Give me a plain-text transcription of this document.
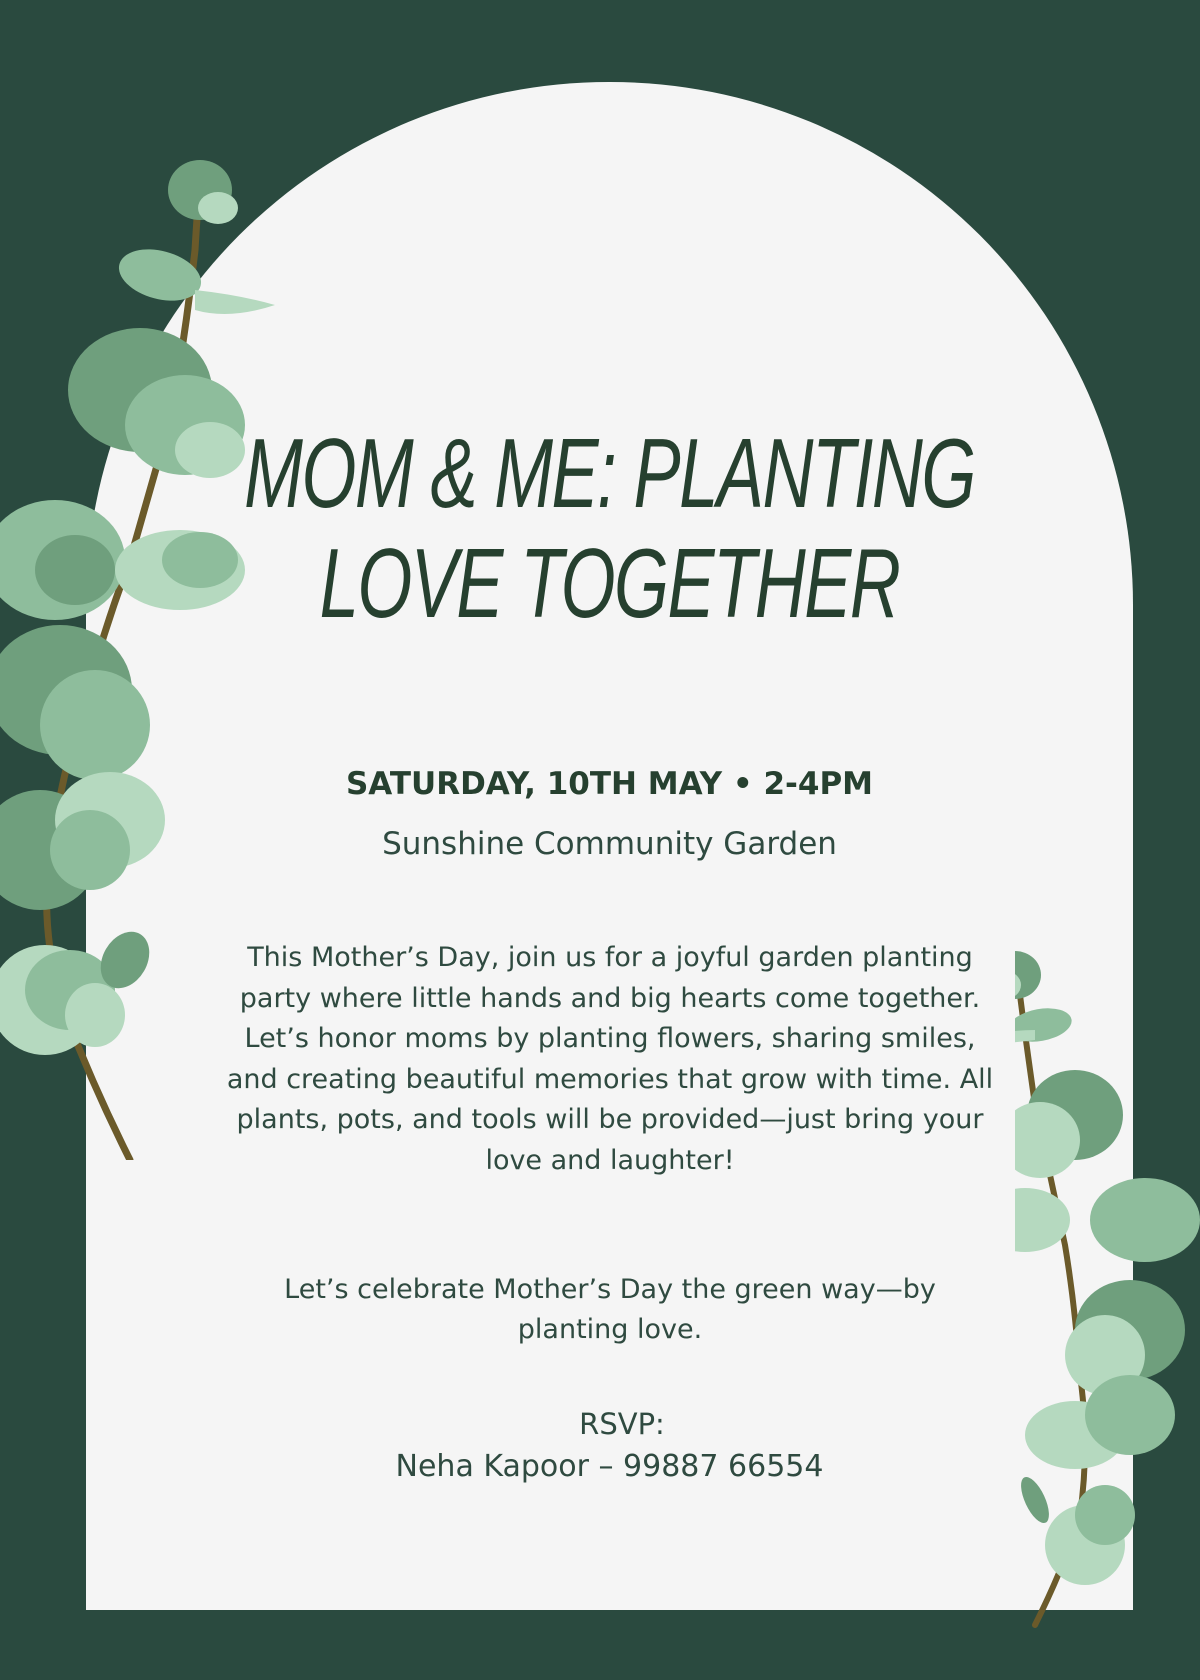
MOM & ME: PLANTING
LOVE TOGETHER
SATURDAY, 10TH MAY • 2-4PM
Sunshine Community Garden

This Mother’s Day, join us for a joyful garden planting party where little hands and big hearts come together. Let’s honor moms by planting flowers, sharing smiles, and creating beautiful memories that grow with time. All plants, pots, and tools will be provided—just bring your love and laughter!

Let’s celebrate Mother’s Day the green way—by planting love.

RSVP:
Neha Kapoor – 99887 66554
